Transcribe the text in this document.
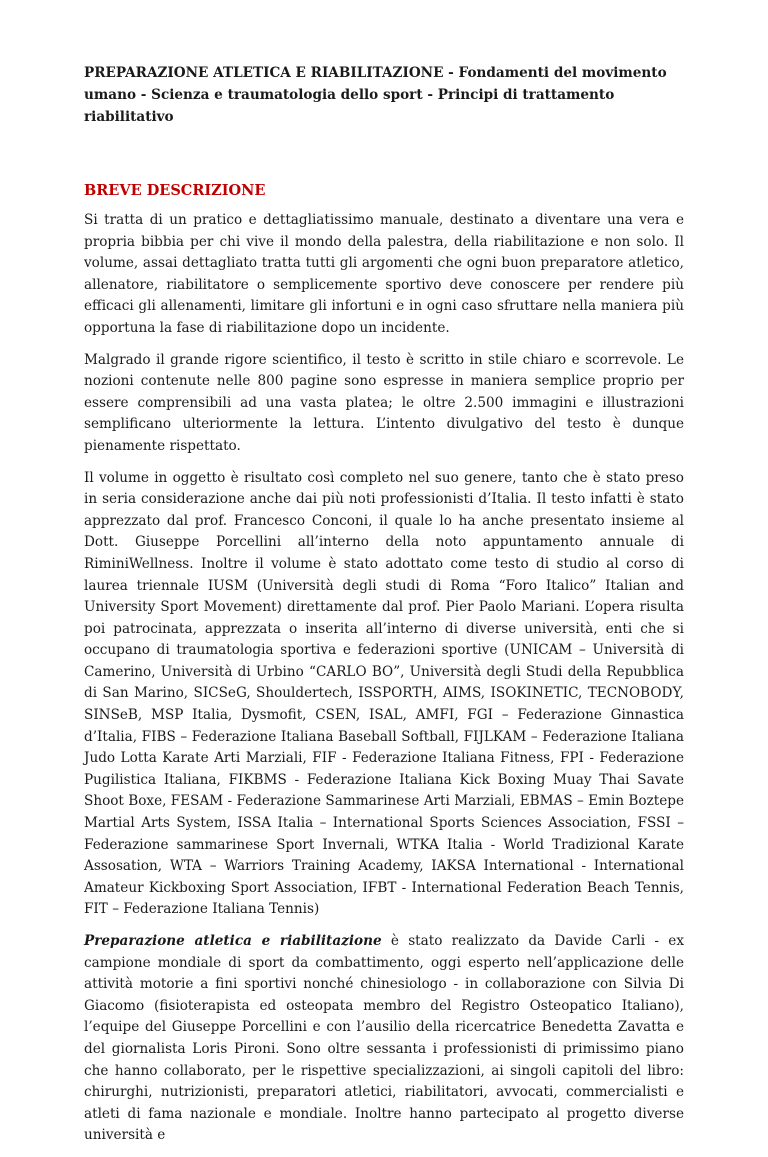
PREPARAZIONE ATLETICA E RIABILITAZIONE - Fondamenti del movimento umano - Scienza e traumatologia dello sport - Principi di trattamento riabilitativo

BREVE DESCRIZIONE

Si tratta di un pratico e dettagliatissimo manuale, destinato a diventare una vera e propria bibbia per chi vive il mondo della palestra, della riabilitazione e non solo. Il volume, assai dettagliato tratta tutti gli argomenti che ogni buon preparatore atletico, allenatore, riabilitatore o semplicemente sportivo deve conoscere per rendere più efficaci gli allenamenti, limitare gli infortuni e in ogni caso sfruttare nella maniera più opportuna la fase di riabilitazione dopo un incidente.

Malgrado il grande rigore scientifico, il testo è scritto in stile chiaro e scorrevole. Le nozioni contenute nelle 800 pagine sono espresse in maniera semplice proprio per essere comprensibili ad una vasta platea; le oltre 2.500 immagini e illustrazioni semplificano ulteriormente la lettura. L’intento divulgativo del testo è dunque pienamente rispettato.

Il volume in oggetto è risultato così completo nel suo genere, tanto che è stato preso in seria considerazione anche dai più noti professionisti d’Italia. Il testo infatti è stato apprezzato dal prof. Francesco Conconi, il quale lo ha anche presentato insieme al Dott. Giuseppe Porcellini all’interno della noto appuntamento annuale di RiminiWellness. Inoltre il volume è stato adottato come testo di studio al corso di laurea triennale IUSM (Università degli studi di Roma “Foro Italico” Italian and University Sport Movement) direttamente dal prof. Pier Paolo Mariani. L’opera risulta poi patrocinata, apprezzata o inserita all’interno di diverse università, enti che si occupano di traumatologia sportiva e federazioni sportive (UNICAM – Università di Camerino, Università di Urbino “CARLO BO”, Università degli Studi della Repubblica di San Marino, SICSeG, Shouldertech, ISSPORTH, AIMS, ISOKINETIC, TECNOBODY, SINSeB, MSP Italia, Dysmofit, CSEN, ISAL, AMFI, FGI – Federazione Ginnastica d’Italia, FIBS – Federazione Italiana Baseball Softball, FIJLKAM – Federazione Italiana Judo Lotta Karate Arti Marziali, FIF - Federazione Italiana Fitness, FPI - Federazione Pugilistica Italiana, FIKBMS - Federazione Italiana Kick Boxing Muay Thai Savate Shoot Boxe, FESAM - Federazione Sammarinese Arti Marziali, EBMAS – Emin Boztepe Martial Arts System, ISSA Italia – International Sports Sciences Association, FSSI – Federazione sammarinese Sport Invernali, WTKA Italia - World Tradizional Karate Assosation, WTA – Warriors Training Academy, IAKSA International - International Amateur Kickboxing Sport Association, IFBT - International Federation Beach Tennis, FIT – Federazione Italiana Tennis)

Preparazione atletica e riabilitazione è stato realizzato da Davide Carli - ex campione mondiale di sport da combattimento, oggi esperto nell’applicazione delle attività motorie a fini sportivi nonché chinesiologo - in collaborazione con Silvia Di Giacomo (fisioterapista ed osteopata membro del Registro Osteopatico Italiano), l’equipe del Giuseppe Porcellini e con l’ausilio della ricercatrice Benedetta Zavatta e del giornalista Loris Pironi. Sono oltre sessanta i professionisti di primissimo piano che hanno collaborato, per le rispettive specializzazioni, ai singoli capitoli del libro: chirurghi, nutrizionisti, preparatori atletici, riabilitatori, avvocati, commercialisti e atleti di fama nazionale e mondiale. Inoltre hanno partecipato al progetto diverse università e
